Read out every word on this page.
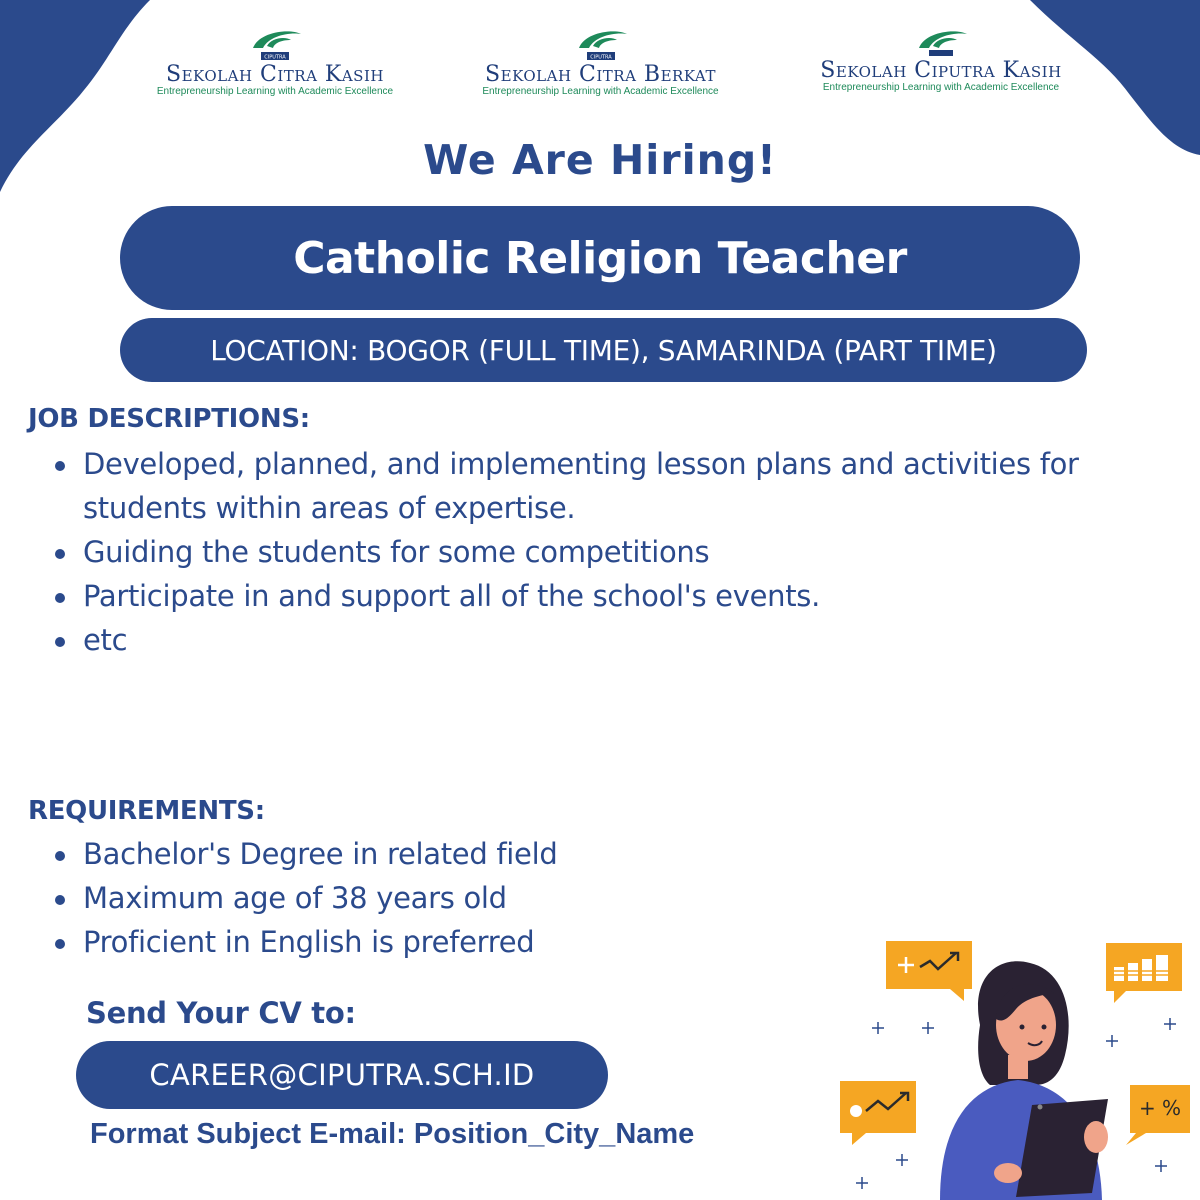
CIPUTRA
Sekolah Citra Kasih
Entrepreneurship Learning with Academic Excellence
CIPUTRA
Sekolah Citra Berkat
Entrepreneurship Learning with Academic Excellence
Sekolah Ciputra Kasih
Entrepreneurship Learning with Academic Excellence
We Are Hiring!
Catholic Religion Teacher
LOCATION: BOGOR (FULL TIME), SAMARINDA (PART TIME)
JOB DESCRIPTIONS:
Developed, planned, and implementing lesson plans and activities for students within areas of expertise.
Guiding the students for some competitions
Participate in and support all of the school's events.
etc
REQUIREMENTS:
Bachelor's Degree in related field
Maximum age of 38 years old
Proficient in English is preferred
Send Your CV to:
CAREER@CIPUTRA.SCH.ID
Format Subject E-mail: Position_City_Name
+ %
